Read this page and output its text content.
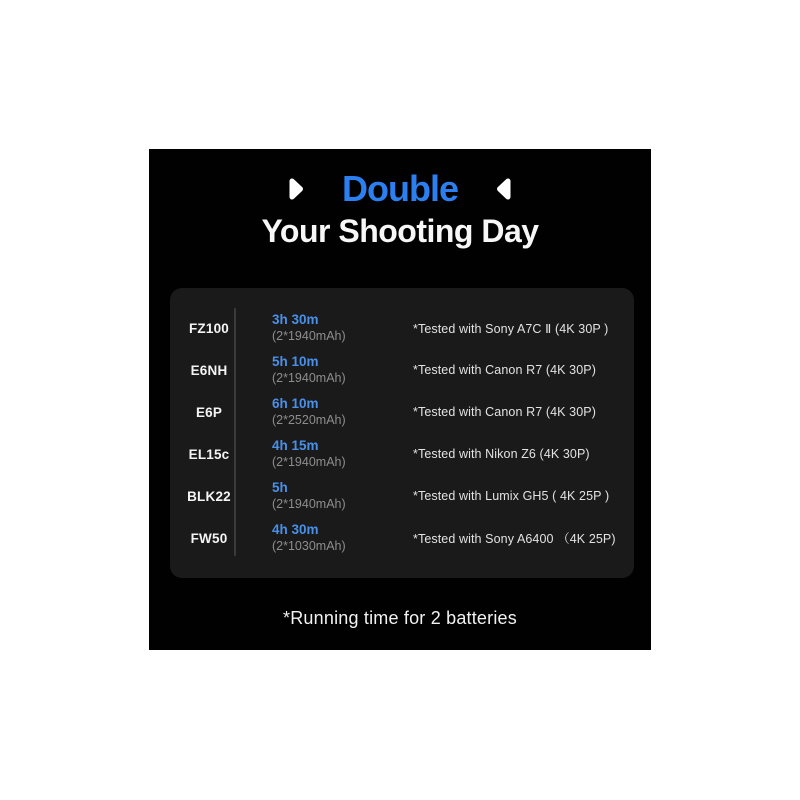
Double
Your Shooting Day
FZ100
3h 30m
(2*1940mAh)
*Tested with Sony A7C Ⅱ (4K 30P )
E6NH
5h 10m
(2*1940mAh)
*Tested with Canon R7 (4K 30P)
E6P
6h 10m
(2*2520mAh)
*Tested with Canon R7 (4K 30P)
EL15c
4h 15m
(2*1940mAh)
*Tested with Nikon Z6 (4K 30P)
BLK22
5h
(2*1940mAh)
*Tested with Lumix GH5 ( 4K 25P )
FW50
4h 30m
(2*1030mAh)	*Tested with Sony A6400 （4K 25P)
*Running time for 2 batteries
